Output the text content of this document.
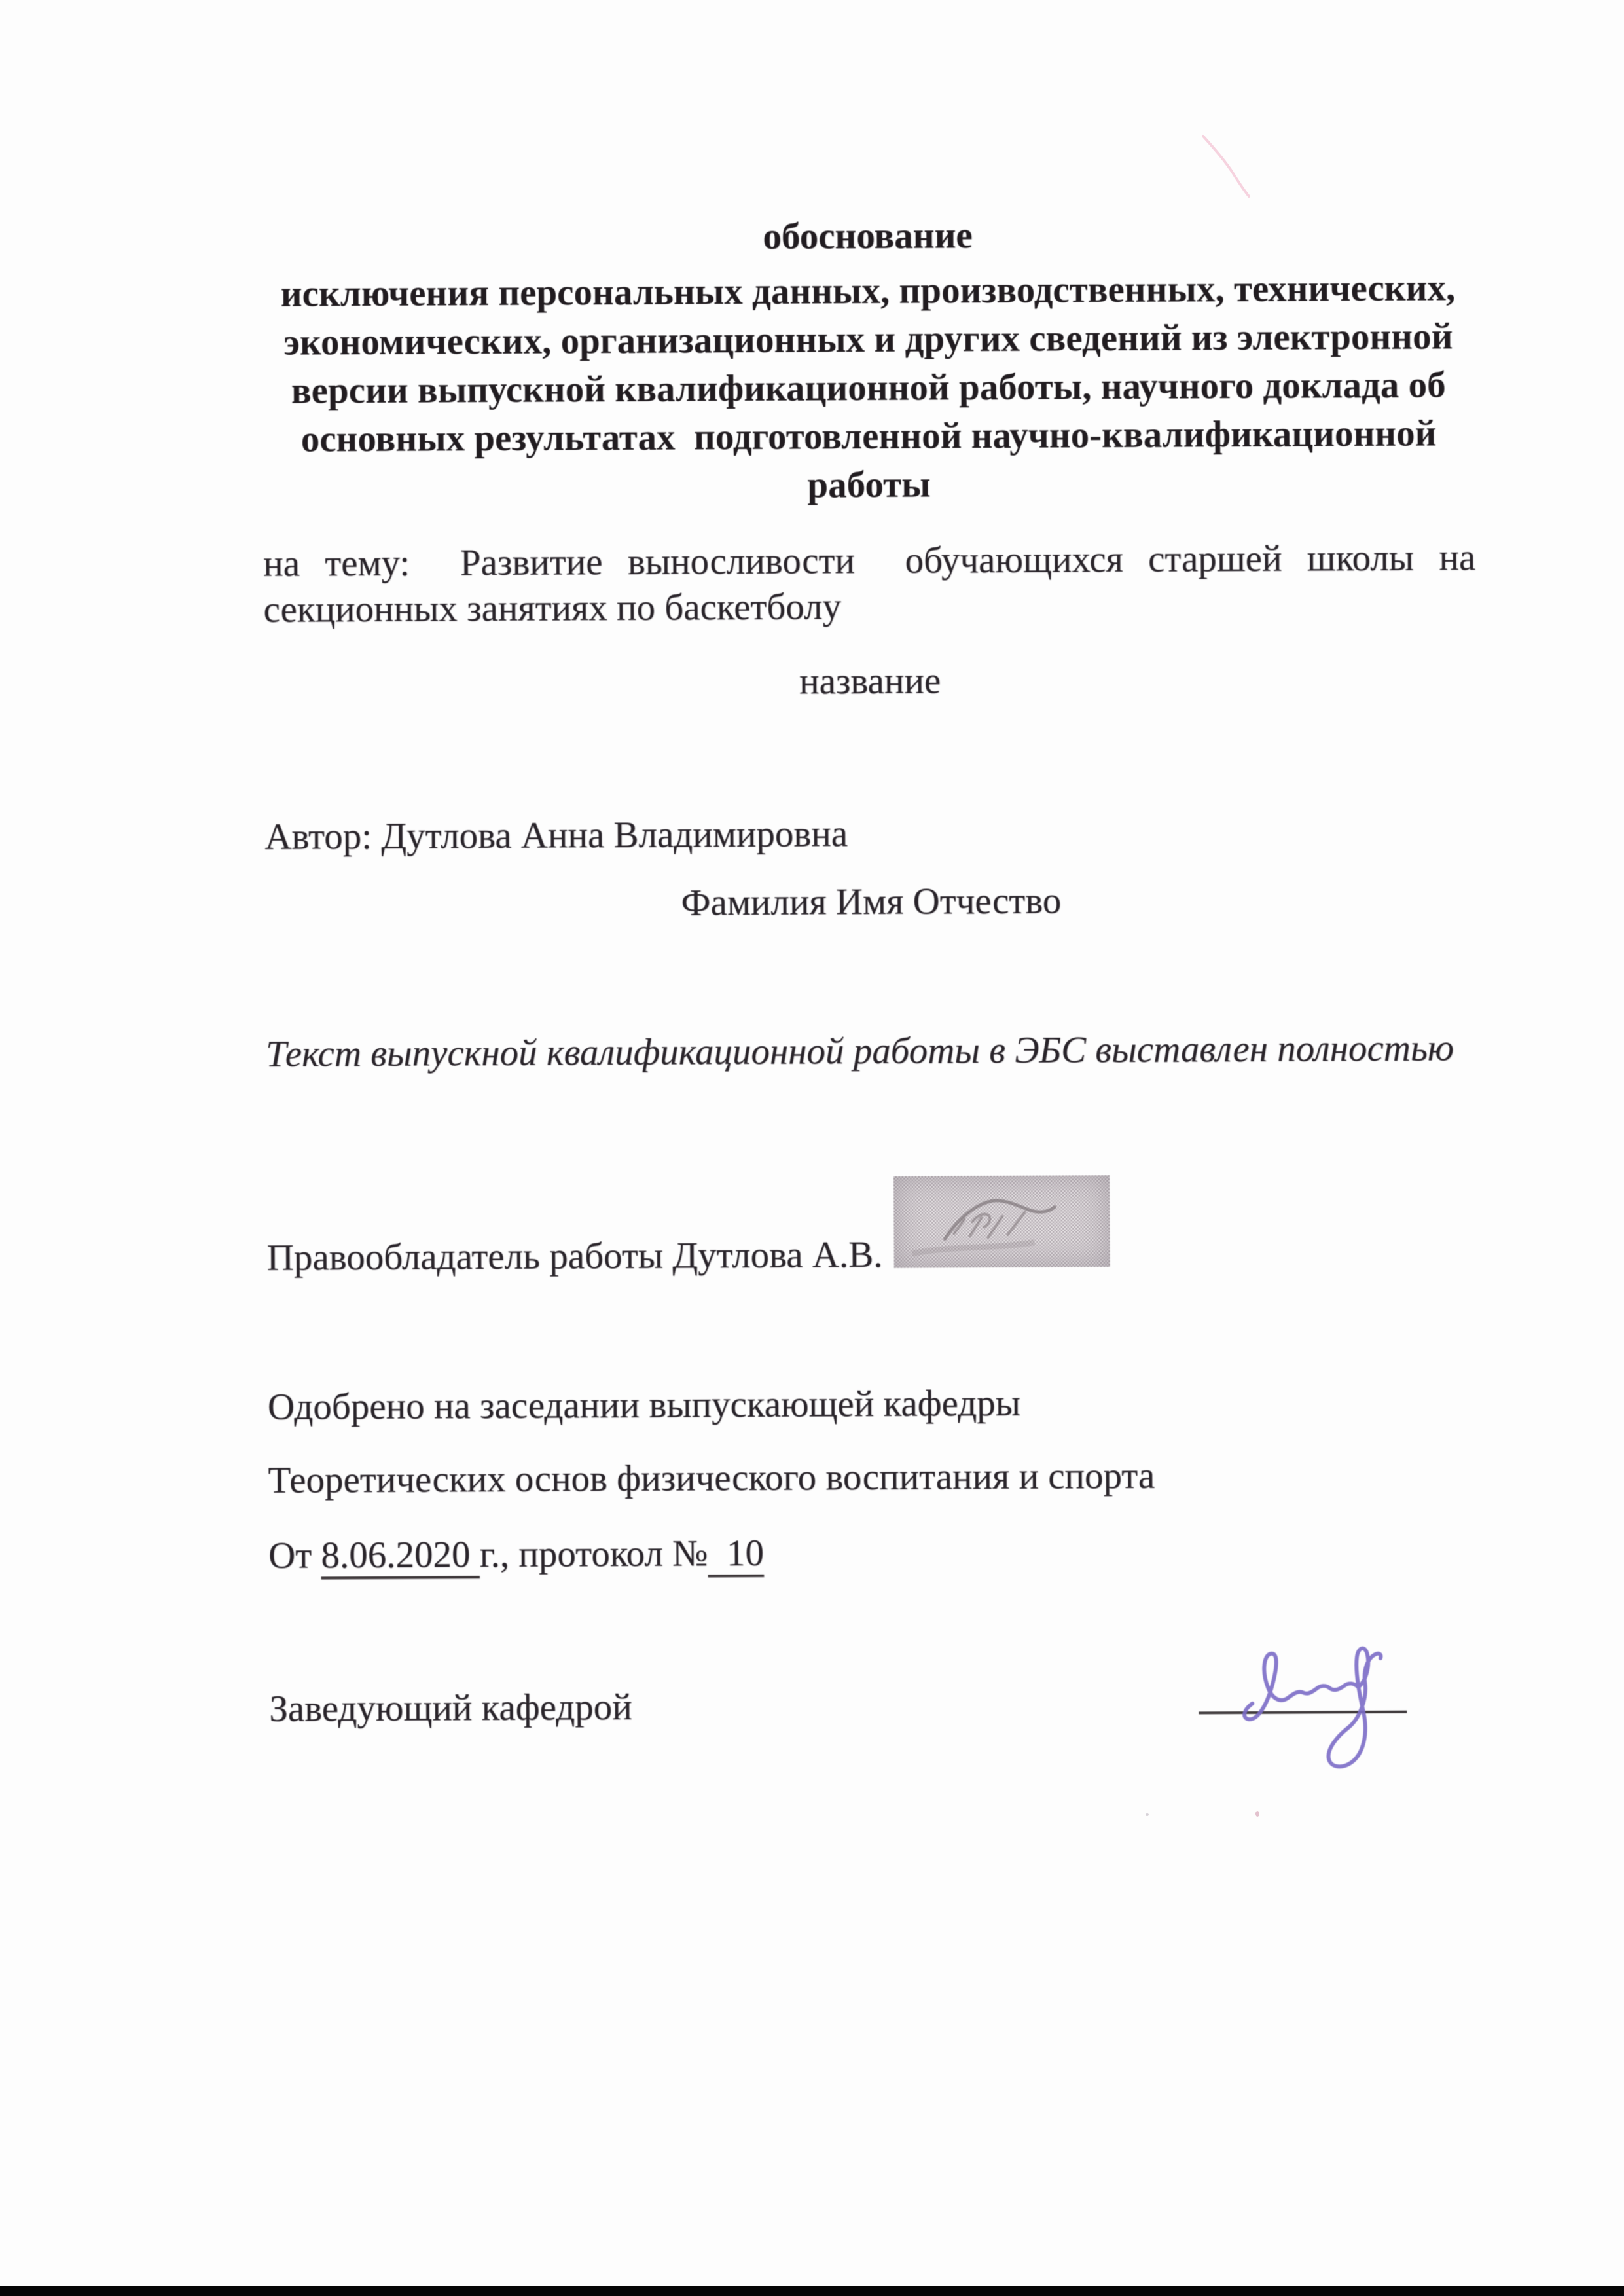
обоснование
исключения персональных данных, производственных, технических,
экономических, организационных и других сведений из электронной
версии выпускной квалификационной работы, научного доклада об
основных результатах  подготовленной научно-квалификационной
работы
на тему:  Развитие выносливости  обучающихся старшей школы на
секционных занятиях по баскетболу
название
Автор: Дутлова Анна Владимировна
Фамилия Имя Отчество
Текст выпускной квалификационной работы в ЭБС выставлен полностью
Правообладатель работы Дутлова А.В.
Одобрено на заседании выпускающей кафедры
Теоретических основ физического воспитания и спорта
От 8.06.2020 г., протокол №  10
Заведующий кафедрой
